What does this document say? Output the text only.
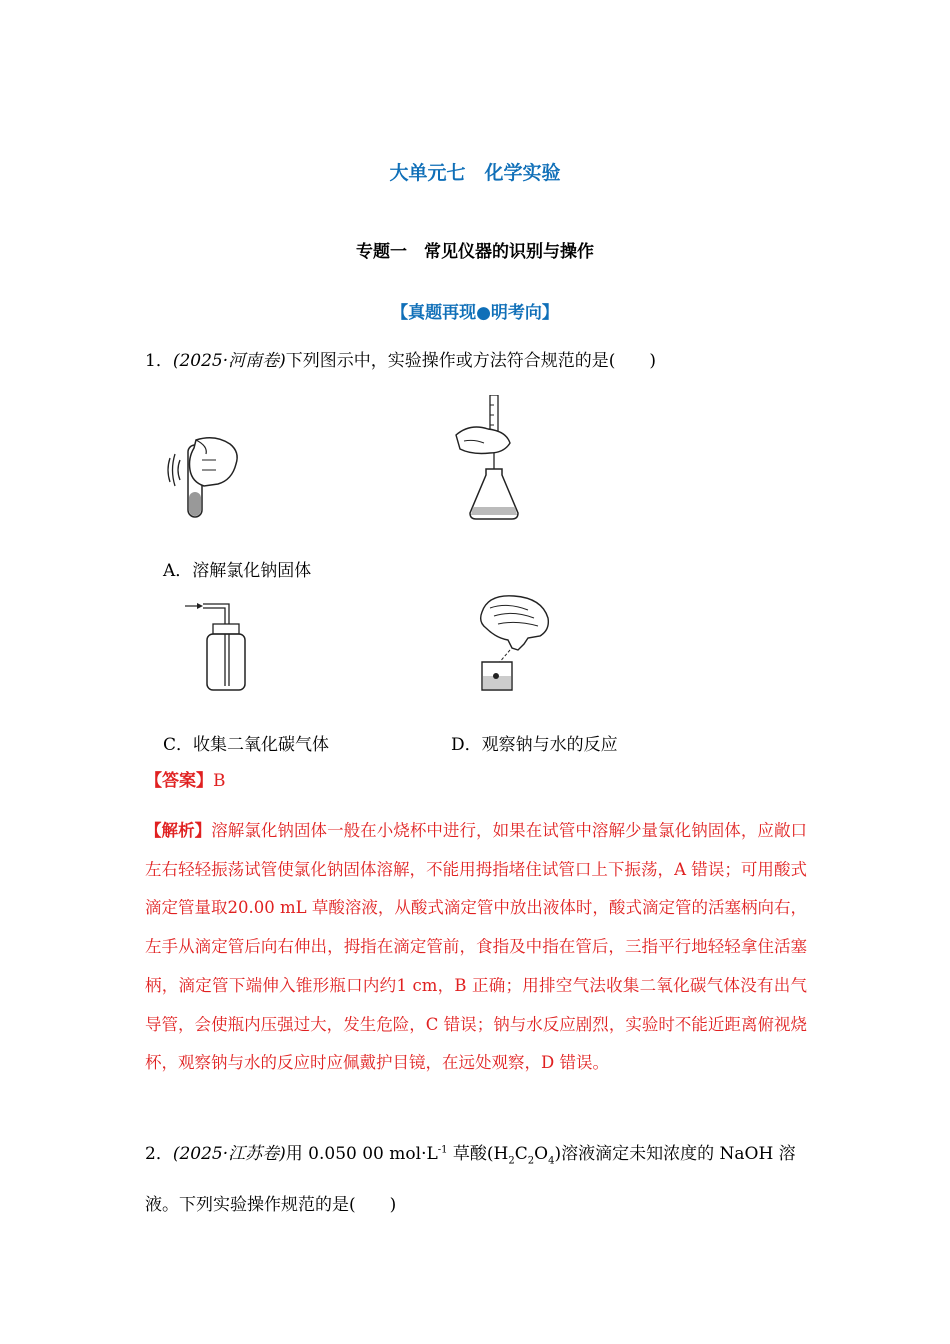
大单元七　化学实验
专题一　常见仪器的识别与操作
【真题再现●明考向】
1．(2025·河南卷)下列图示中，实验操作或方法符合规范的是(　　)
A．溶解氯化钠固体
C．收集二氧化碳气体	D．观察钠与水的反应
【答案】B
【解析】溶解氯化钠固体一般在小烧杯中进行，如果在试管中溶解少量氯化钠固体，应敞口左右轻轻振荡试管使氯化钠固体溶解，不能用拇指堵住试管口上下振荡，A 错误；可用酸式滴定管量取20.00 mL 草酸溶液，从酸式滴定管中放出液体时，酸式滴定管的活塞柄向右，左手从滴定管后向右伸出，拇指在滴定管前，食指及中指在管后，三指平行地轻轻拿住活塞柄，滴定管下端伸入锥形瓶口内约1 cm，B 正确；用排空气法收集二氧化碳气体没有出气导管，会使瓶内压强过大，发生危险，C 错误；钠与水反应剧烈，实验时不能近距离俯视烧杯，观察钠与水的反应时应佩戴护目镜，在远处观察，D 错误。
2．(2025·江苏卷)用 0.050 00 $mol\cdot L^{-1}$ 草酸$(H_2C_2O_4)$溶液滴定未知浓度的 NaOH 溶
液。下列实验操作规范的是(　　)
